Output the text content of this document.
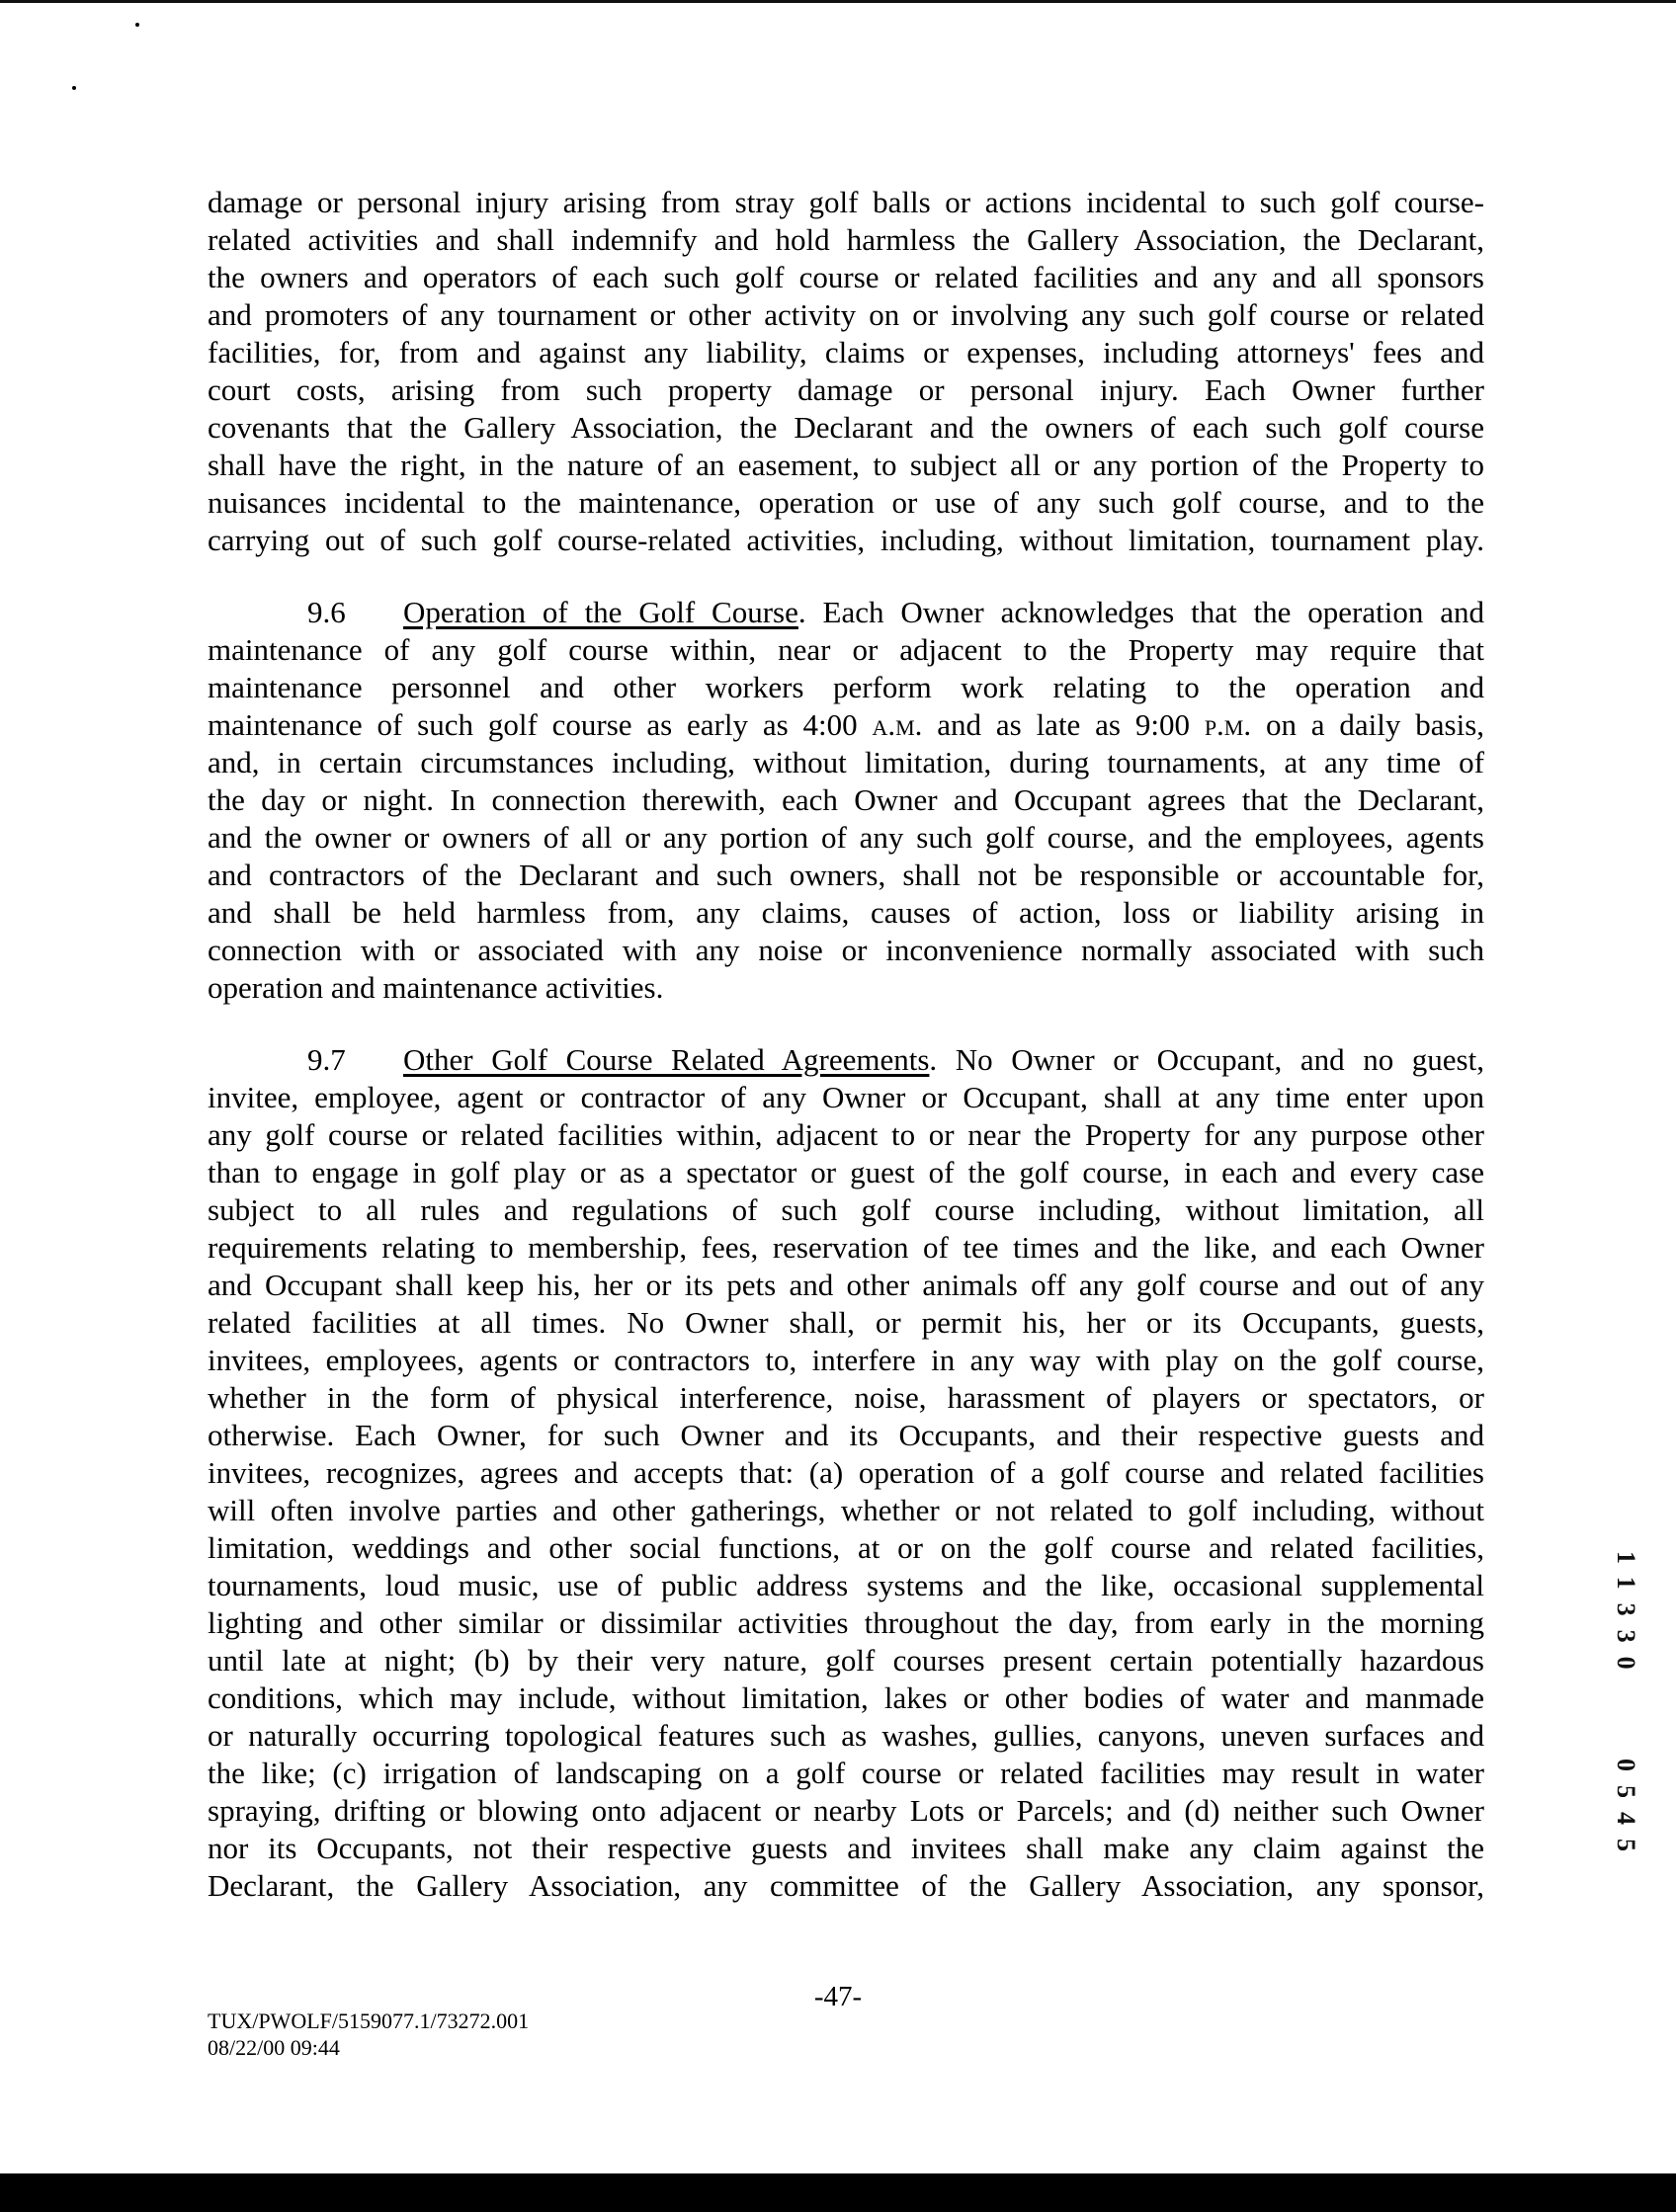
damage or personal injury arising from stray golf balls or actions incidental to such golf course-
related activities and shall indemnify and hold harmless the Gallery Association, the Declarant,
the owners and operators of each such golf course or related facilities and any and all sponsors
and promoters of any tournament or other activity on or involving any such golf course or related
facilities, for, from and against any liability, claims or expenses, including attorneys' fees and
court costs, arising from such property damage or personal injury. Each Owner further
covenants that the Gallery Association, the Declarant and the owners of each such golf course
shall have the right, in the nature of an easement, to subject all or any portion of the Property to
nuisances incidental to the maintenance, operation or use of any such golf course, and to the
carrying out of such golf course-related activities, including, without limitation, tournament play.
9.6 Operation of the Golf Course. Each Owner acknowledges that the operation and
maintenance of any golf course within, near or adjacent to the Property may require that
maintenance personnel and other workers perform work relating to the operation and
maintenance of such golf course as early as 4:00 a.m. and as late as 9:00 p.m. on a daily basis,
and, in certain circumstances including, without limitation, during tournaments, at any time of
the day or night. In connection therewith, each Owner and Occupant agrees that the Declarant,
and the owner or owners of all or any portion of any such golf course, and the employees, agents
and contractors of the Declarant and such owners, shall not be responsible or accountable for,
and shall be held harmless from, any claims, causes of action, loss or liability arising in
connection with or associated with any noise or inconvenience normally associated with such
operation and maintenance activities.
9.7 Other Golf Course Related Agreements. No Owner or Occupant, and no guest,
invitee, employee, agent or contractor of any Owner or Occupant, shall at any time enter upon
any golf course or related facilities within, adjacent to or near the Property for any purpose other
than to engage in golf play or as a spectator or guest of the golf course, in each and every case
subject to all rules and regulations of such golf course including, without limitation, all
requirements relating to membership, fees, reservation of tee times and the like, and each Owner
and Occupant shall keep his, her or its pets and other animals off any golf course and out of any
related facilities at all times. No Owner shall, or permit his, her or its Occupants, guests,
invitees, employees, agents or contractors to, interfere in any way with play on the golf course,
whether in the form of physical interference, noise, harassment of players or spectators, or
otherwise. Each Owner, for such Owner and its Occupants, and their respective guests and
invitees, recognizes, agrees and accepts that: (a) operation of a golf course and related facilities
will often involve parties and other gatherings, whether or not related to golf including, without
limitation, weddings and other social functions, at or on the golf course and related facilities,
tournaments, loud music, use of public address systems and the like, occasional supplemental
lighting and other similar or dissimilar activities throughout the day, from early in the morning
until late at night; (b) by their very nature, golf courses present certain potentially hazardous
conditions, which may include, without limitation, lakes or other bodies of water and manmade
or naturally occurring topological features such as washes, gullies, canyons, uneven surfaces and
the like; (c) irrigation of landscaping on a golf course or related facilities may result in water
spraying, drifting or blowing onto adjacent or nearby Lots or Parcels; and (d) neither such Owner
nor its Occupants, not their respective guests and invitees shall make any claim against the
Declarant, the Gallery Association, any committee of the Gallery Association, any sponsor,
-47-
TUX/PWOLF/5159077.1/73272.001
08/22/00 09:44
11330
0545
